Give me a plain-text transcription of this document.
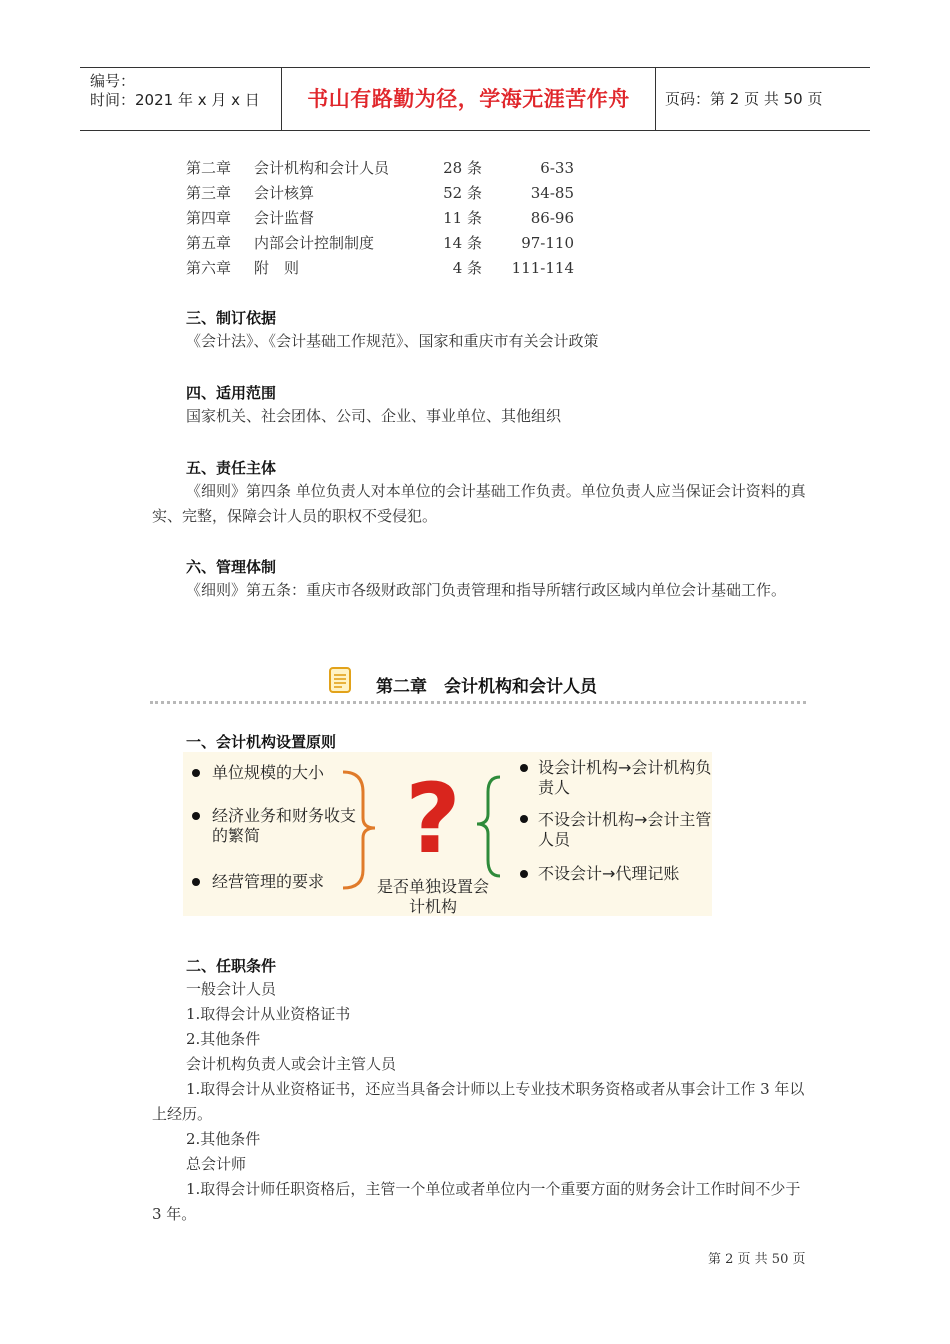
编号：
时间：2021 年 x 月 x 日	书山有路勤为径，学海无涯苦作舟	页码：第 2 页 共 50 页
第二章 会计机构和会计人员	28 条	6-33
第三章 会计核算	52 条	34-85
第四章 会计监督	11 条	86-96
第五章 内部会计控制制度	14 条	97-110
第六章 附　则	4 条	111-114
三、制订依据
《会计法》、《会计基础工作规范》、国家和重庆市有关会计政策
四、适用范围
国家机关、社会团体、公司、企业、事业单位、其他组织
五、责任主体
《细则》第四条 单位负责人对本单位的会计基础工作负责。单位负责人应当保证会计资料的真实、完整，保障会计人员的职权不受侵犯。
六、管理体制
《细则》第五条：重庆市各级财政部门负责管理和指导所辖行政区域内单位会计基础工作。
第二章　会计机构和会计人员
一、会计机构设置原则
?
单位规模的大小
经济业务和财务收支的繁简
经营管理的要求	是否单独设置会计机构
设会计机构→会计机构负责人
不设会计机构→会计主管人员
不设会计→代理记账
二、任职条件
一般会计人员
1.取得会计从业资格证书
2.其他条件
会计机构负责人或会计主管人员
1.取得会计从业资格证书，还应当具备会计师以上专业技术职务资格或者从事会计工作 3 年以上经历。
2.其他条件
总会计师
1.取得会计师任职资格后，主管一个单位或者单位内一个重要方面的财务会计工作时间不少于 3 年。
第 2 页 共 50 页
